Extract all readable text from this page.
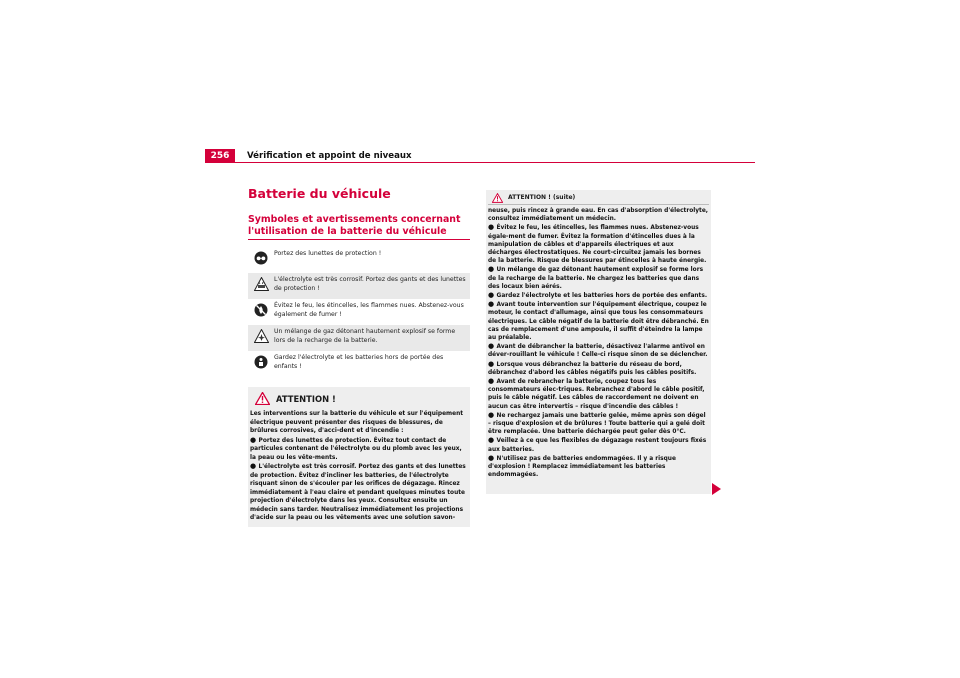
256	Vérification et appoint de niveaux
Batterie du véhicule
Symboles et avertissements concernant l'utilisation de la batterie du véhicule
Portez des lunettes de protection !
L'électrolyte est très corrosif. Portez des gants et des lunettes de protection !
Évitez le feu, les étincelles, les flammes nues. Abstenez-vous également de fumer !
Un mélange de gaz détonant hautement explosif se forme lors de la recharge de la batterie.
Gardez l'électrolyte et les batteries hors de portée des enfants !
ATTENTION !

Les interventions sur la batterie du véhicule et sur l'équipement électrique peuvent présenter des risques de blessures, de brûlures corrosives, d'acci-dent et d'incendie :

● Portez des lunettes de protection. Évitez tout contact de particules contenant de l'électrolyte ou du plomb avec les yeux, la peau ou les vête-ments.

● L'électrolyte est très corrosif. Portez des gants et des lunettes de protection. Évitez d'incliner les batteries, de l'électrolyte risquant sinon de s'écouler par les orifices de dégazage. Rincez immédiatement à l'eau claire et pendant quelques minutes toute projection d'électrolyte dans les yeux. Consultez ensuite un médecin sans tarder. Neutralisez immédiatement les projections d'acide sur la peau ou les vêtements avec une solution savon-

ATTENTION ! (suite)

neuse, puis rincez à grande eau. En cas d'absorption d'électrolyte, consultez immédiatement un médecin.

● Évitez le feu, les étincelles, les flammes nues. Abstenez-vous égale-ment de fumer. Évitez la formation d'étincelles dues à la manipulation de câbles et d'appareils électriques et aux décharges électrostatiques. Ne court-circuitez jamais les bornes de la batterie. Risque de blessures par étincelles à haute énergie.

● Un mélange de gaz détonant hautement explosif se forme lors de la recharge de la batterie. Ne chargez les batteries que dans des locaux bien aérés.

● Gardez l'électrolyte et les batteries hors de portée des enfants.

● Avant toute intervention sur l'équipement électrique, coupez le moteur, le contact d'allumage, ainsi que tous les consommateurs électriques. Le câble négatif de la batterie doit être débranché. En cas de remplacement d'une ampoule, il suffit d'éteindre la lampe au préalable.

● Avant de débrancher la batterie, désactivez l'alarme antivol en déver-rouillant le véhicule ! Celle-ci risque sinon de se déclencher.

● Lorsque vous débranchez la batterie du réseau de bord, débranchez d'abord les câbles négatifs puis les câbles positifs.

● Avant de rebrancher la batterie, coupez tous les consommateurs élec-triques. Rebranchez d'abord le câble positif, puis le câble négatif. Les câbles de raccordement ne doivent en aucun cas être intervertis – risque d'incendie des câbles !

● Ne rechargez jamais une batterie gelée, même après son dégel – risque d'explosion et de brûlures ! Toute batterie qui a gelé doit être remplacée. Une batterie déchargée peut geler dès 0°C.

● Veillez à ce que les flexibles de dégazage restent toujours fixés aux batteries.

● N'utilisez pas de batteries endommagées. Il y a risque d'explosion ! Remplacez immédiatement les batteries endommagées.
